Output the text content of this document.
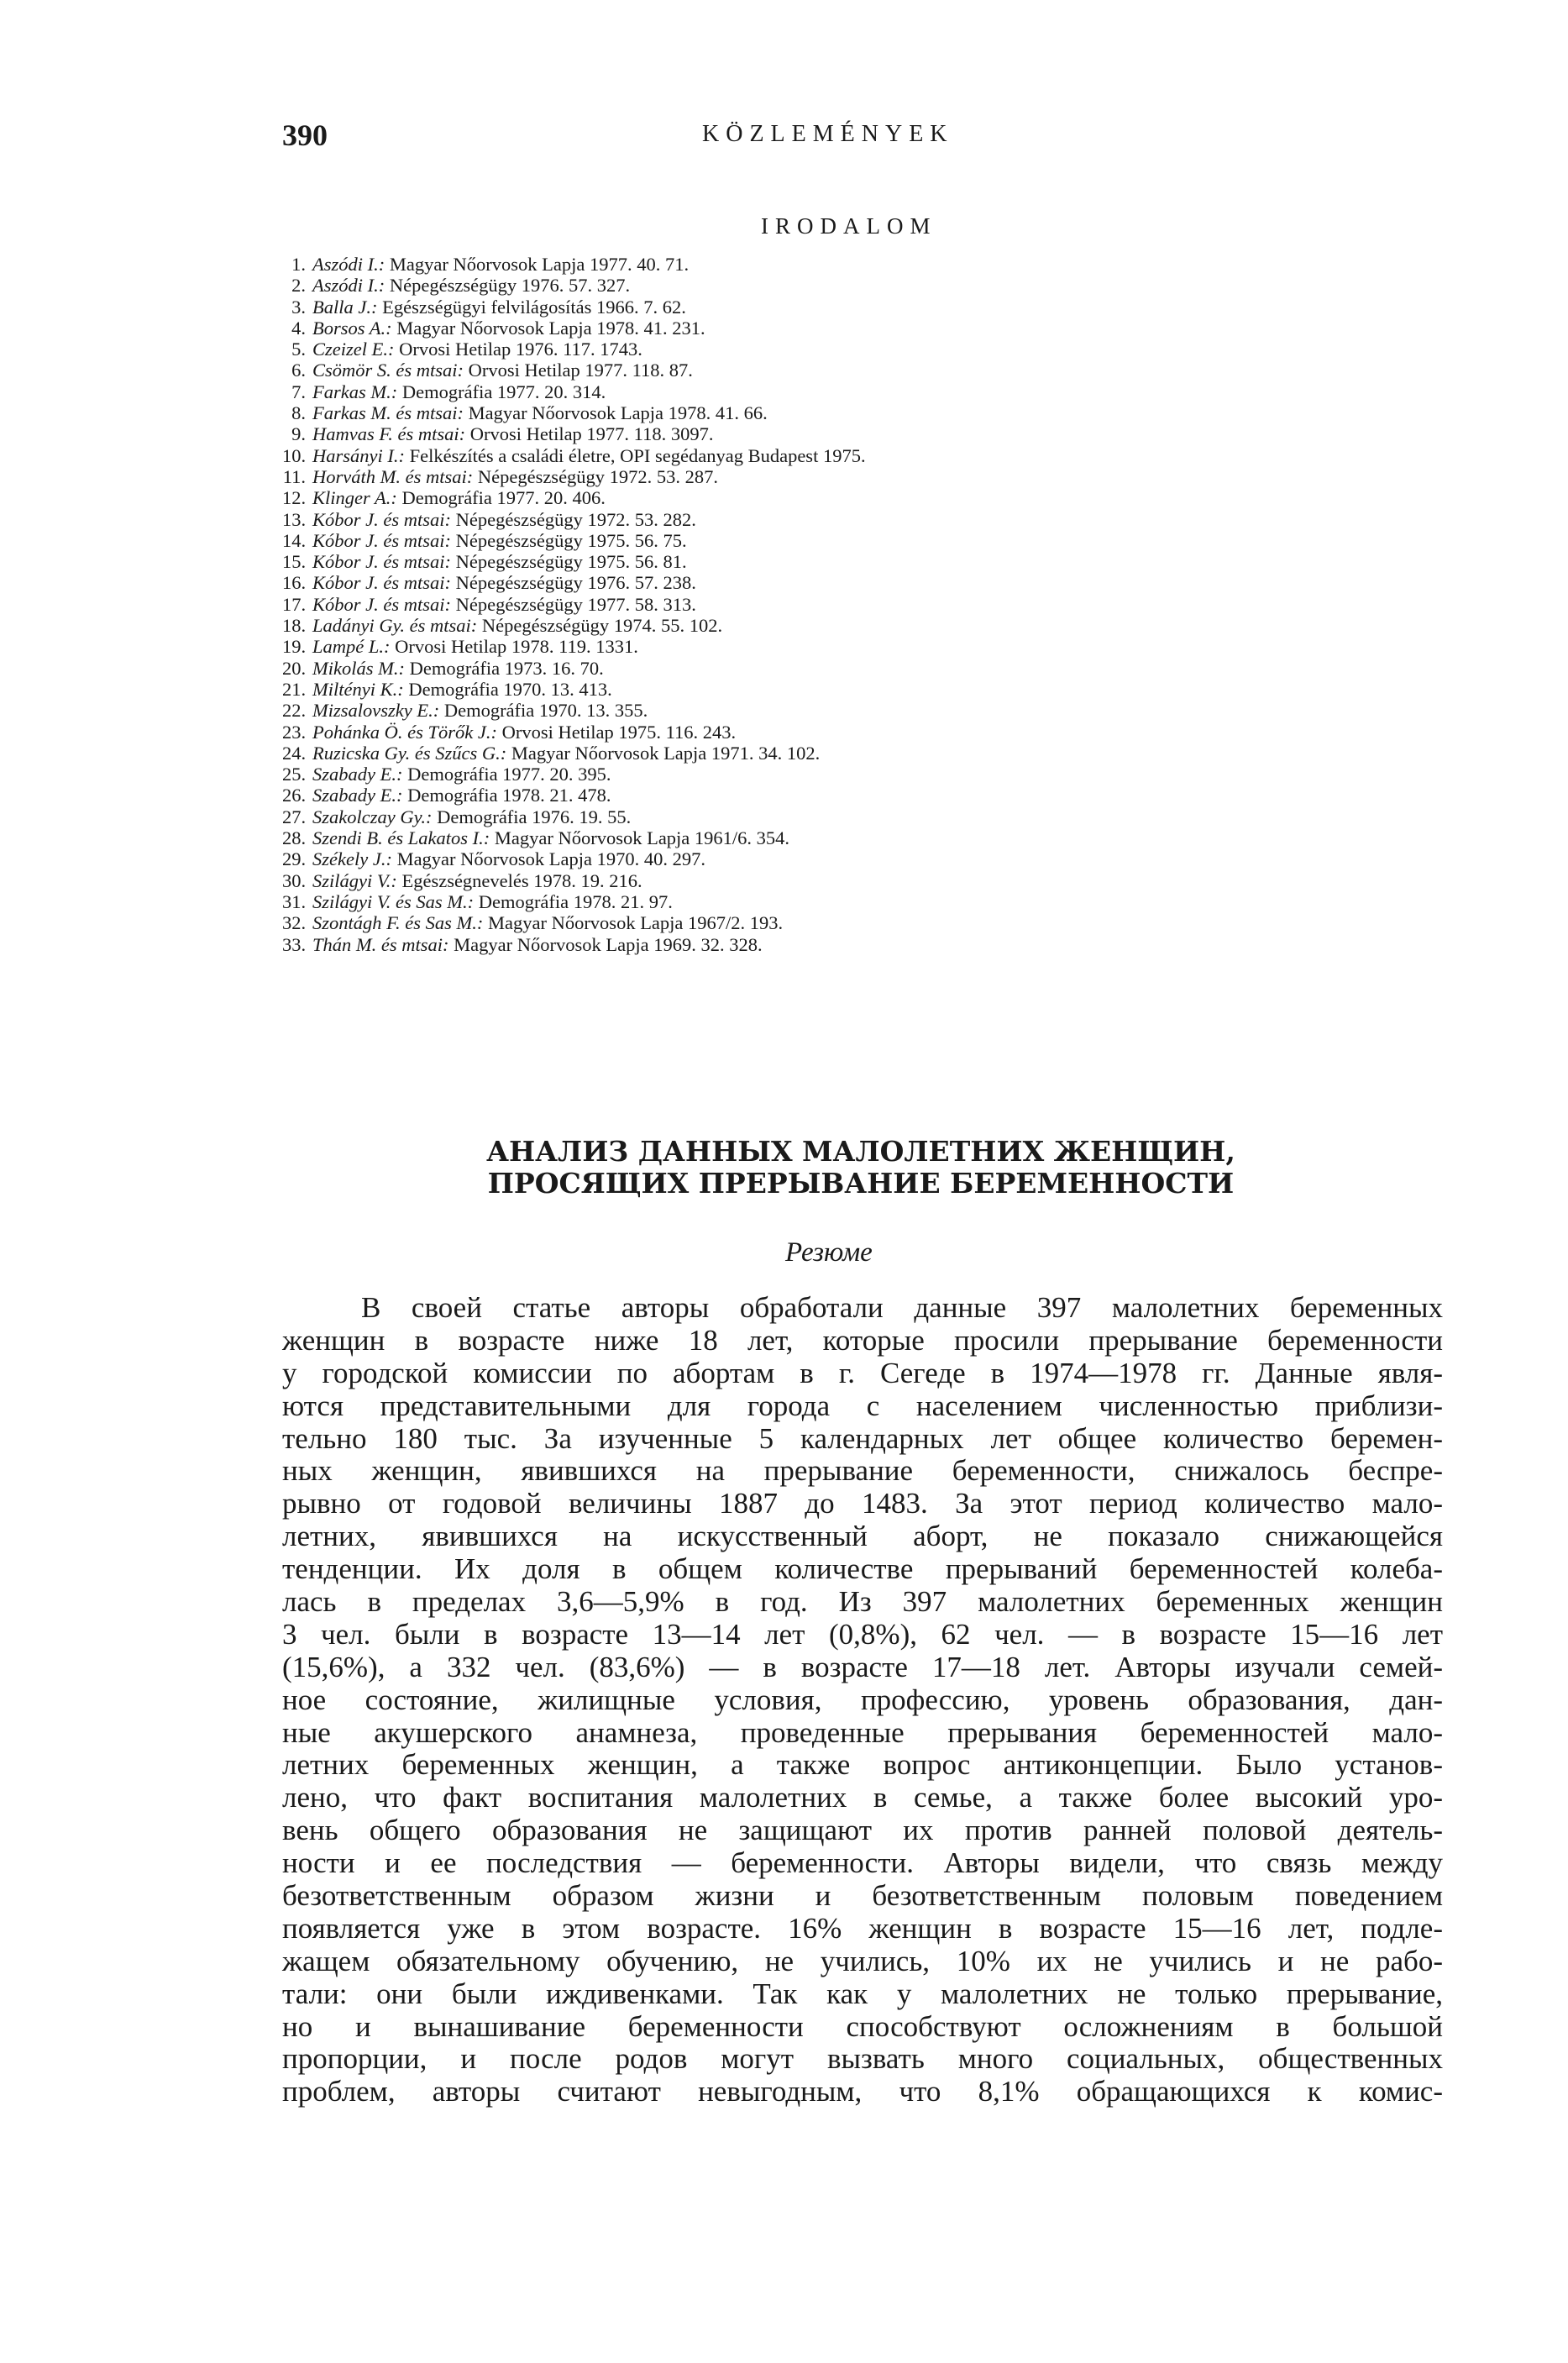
390	KÖZLEMÉNYEK
IRODALOM
1. Aszódi I.: Magyar Nőorvosok Lapja 1977. 40. 71.
2. Aszódi I.: Népegészségügy 1976. 57. 327.
3. Balla J.: Egészségügyi felvilágosítás 1966. 7. 62.
4. Borsos A.: Magyar Nőorvosok Lapja 1978. 41. 231.
5. Czeizel E.: Orvosi Hetilap 1976. 117. 1743.
6. Csömör S. és mtsai: Orvosi Hetilap 1977. 118. 87.
7. Farkas M.: Demográfia 1977. 20. 314.
8. Farkas M. és mtsai: Magyar Nőorvosok Lapja 1978. 41. 66.
9. Hamvas F. és mtsai: Orvosi Hetilap 1977. 118. 3097.
10. Harsányi I.: Felkészítés a családi életre, OPI segédanyag Budapest 1975.
11. Horváth M. és mtsai: Népegészségügy 1972. 53. 287.
12. Klinger A.: Demográfia 1977. 20. 406.
13. Kóbor J. és mtsai: Népegészségügy 1972. 53. 282.
14. Kóbor J. és mtsai: Népegészségügy 1975. 56. 75.
15. Kóbor J. és mtsai: Népegészségügy 1975. 56. 81.
16. Kóbor J. és mtsai: Népegészségügy 1976. 57. 238.
17. Kóbor J. és mtsai: Népegészségügy 1977. 58. 313.
18. Ladányi Gy. és mtsai: Népegészségügy 1974. 55. 102.
19. Lampé L.: Orvosi Hetilap 1978. 119. 1331.
20. Mikolás M.: Demográfia 1973. 16. 70.
21. Miltényi K.: Demográfia 1970. 13. 413.
22. Mizsalovszky E.: Demográfia 1970. 13. 355.
23. Pohánka Ö. és Törők J.: Orvosi Hetilap 1975. 116. 243.
24. Ruzicska Gy. és Szűcs G.: Magyar Nőorvosok Lapja 1971. 34. 102.
25. Szabady E.: Demográfia 1977. 20. 395.
26. Szabady E.: Demográfia 1978. 21. 478.
27. Szakolczay Gy.: Demográfia 1976. 19. 55.
28. Szendi B. és Lakatos I.: Magyar Nőorvosok Lapja 1961/6. 354.
29. Székely J.: Magyar Nőorvosok Lapja 1970. 40. 297.
30. Szilágyi V.: Egészségnevelés 1978. 19. 216.
31. Szilágyi V. és Sas M.: Demográfia 1978. 21. 97.
32. Szontágh F. és Sas M.: Magyar Nőorvosok Lapja 1967/2. 193.
33. Thán M. és mtsai: Magyar Nőorvosok Lapja 1969. 32. 328.
АНАЛИЗ ДАННЫХ МАЛОЛЕТНИХ ЖЕНЩИН,
ПРОСЯЩИХ ПРЕРЫВАНИЕ БЕРЕМЕННОСТИ
Резюме
В своей статье авторы обработали данные 397 малолетних беременных
женщин в возрасте ниже 18 лет, которые просили прерывание беременности
у городской комиссии по абортам в г. Сегеде в 1974—1978 гг. Данные явля-
ются представительными для города с населением численностью приблизи-
тельно 180 тыс. За изученные 5 календарных лет общее количество беремен-
ных женщин, явившихся на прерывание беременности, снижалось беспре-
рывно от годовой величины 1887 до 1483. За этот период количество мало-
летних, явившихся на искусственный аборт, не показало снижающейся
тенденции. Их доля в общем количестве прерываний беременностей колеба-
лась в пределах 3,6—5,9% в год. Из 397 малолетних беременных женщин
3 чел. были в возрасте 13—14 лет (0,8%), 62 чел. — в возрасте 15—16 лет
(15,6%), а 332 чел. (83,6%) — в возрасте 17—18 лет. Авторы изучали семей-
ное состояние, жилищные условия, профессию, уровень образования, дан-
ные акушерского анамнеза, проведенные прерывания беременностей мало-
летних беременных женщин, а также вопрос антиконцепции. Было установ-
лено, что факт воспитания малолетних в семье, а также более высокий уро-
вень общего образования не защищают их против ранней половой деятель-
ности и ее последствия — беременности. Авторы видели, что связь между
безответственным образом жизни и безответственным половым поведением
появляется уже в этом возрасте. 16% женщин в возрасте 15—16 лет, подле-
жащем обязательному обучению, не учились, 10% их не учились и не рабо-
тали: они были иждивенками. Так как у малолетних не только прерывание,
но и вынашивание беременности способствуют осложнениям в большой
пропорции, и после родов могут вызвать много социальных, общественных
проблем, авторы считают невыгодным, что 8,1% обращающихся к комис-
